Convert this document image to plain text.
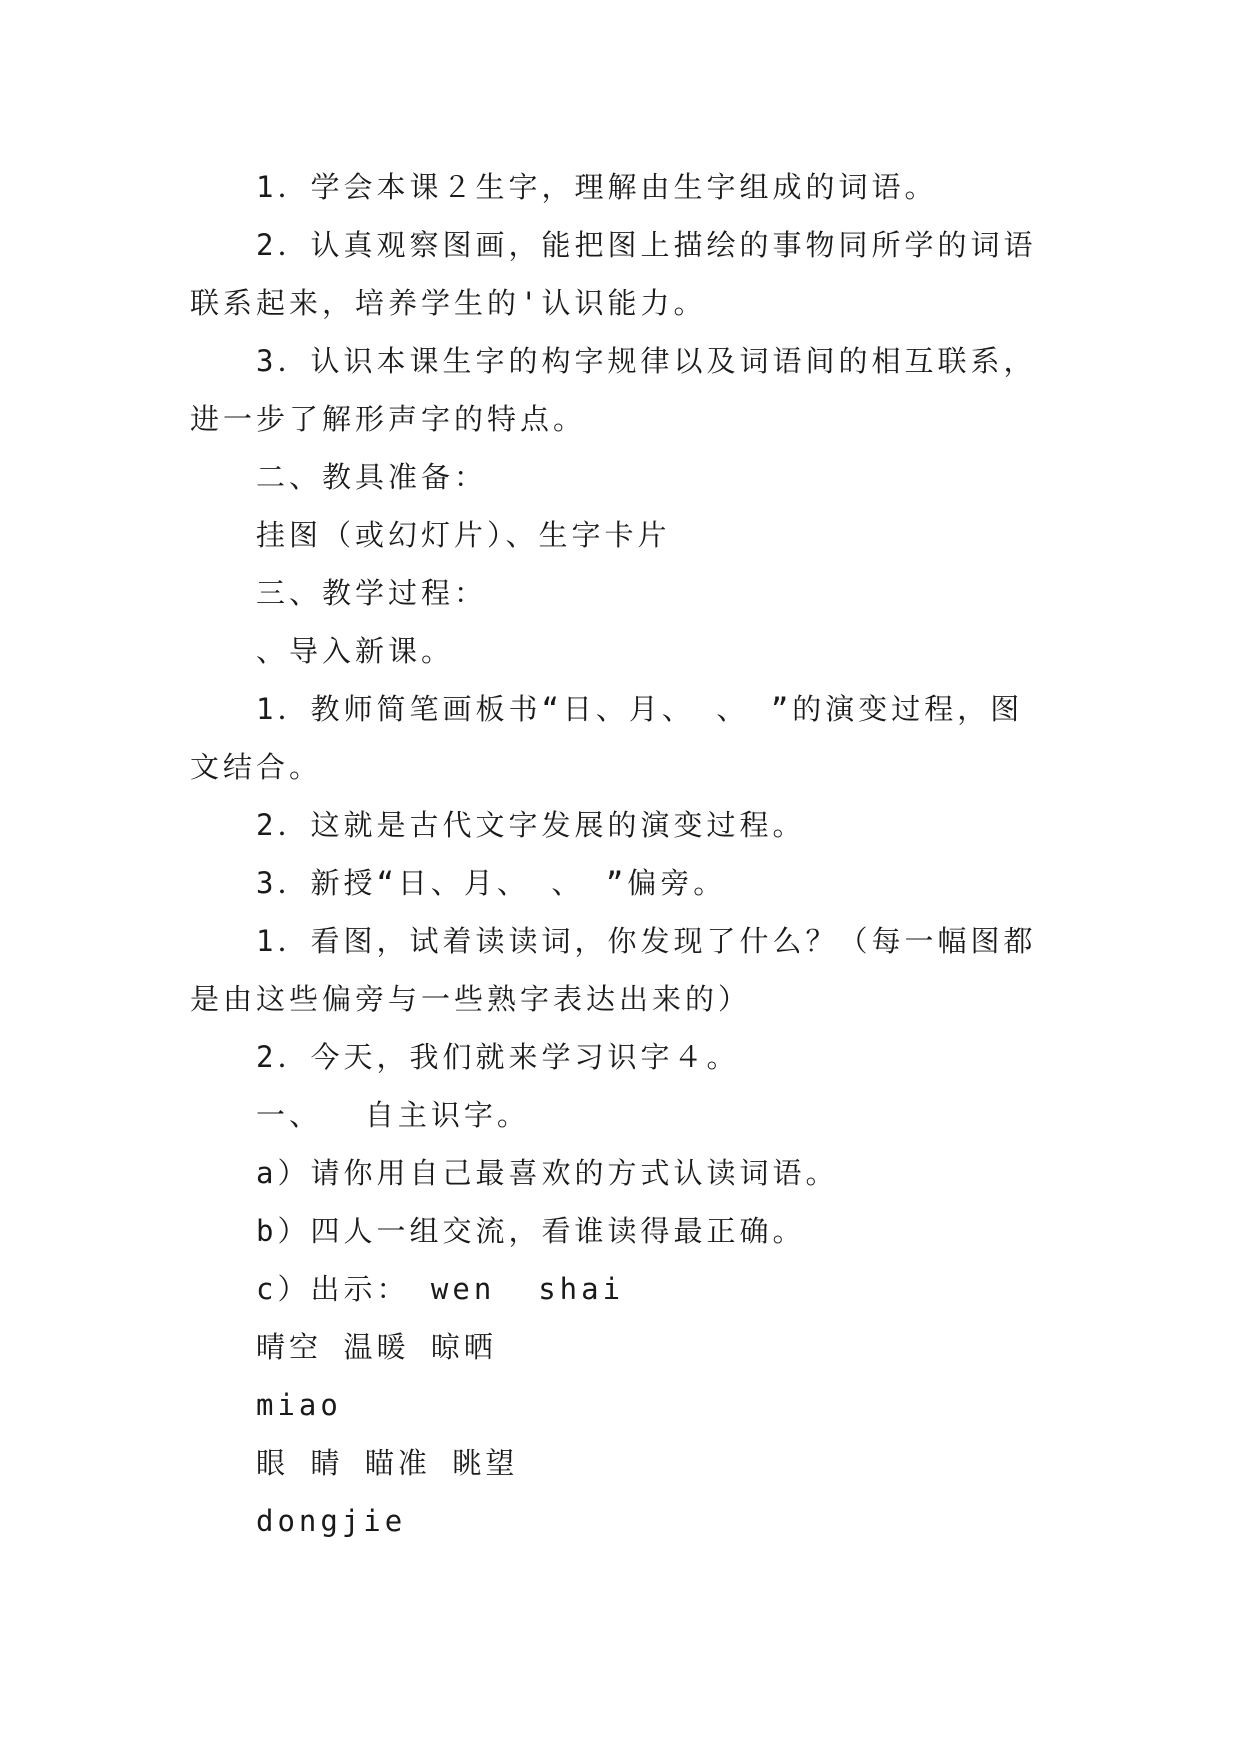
1．学会本课２生字，理解由生字组成的词语。
2．认真观察图画，能把图上描绘的事物同所学的词语
联系起来，培养学生的'认识能力。
3．认识本课生字的构字规律以及词语间的相互联系，
进一步了解形声字的特点。
二、教具准备：
挂图（或幻灯片）、生字卡片
三、教学过程：
、导入新课。
1．教师简笔画板书“日、月、 、 ”的演变过程，图
文结合。
2．这就是古代文字发展的演变过程。
3．新授“日、月、 、 ”偏旁。
1．看图，试着读读词，你发现了什么？（每一幅图都
是由这些偏旁与一些熟字表达出来的）
2．今天，我们就来学习识字４。
一、  自主识字。
a）请你用自己最喜欢的方式认读词语。
b）四人一组交流，看谁读得最正确。
c）出示： wen  shai
晴空 温暖 晾晒
miao
眼 睛 瞄准 眺望
dongjie
